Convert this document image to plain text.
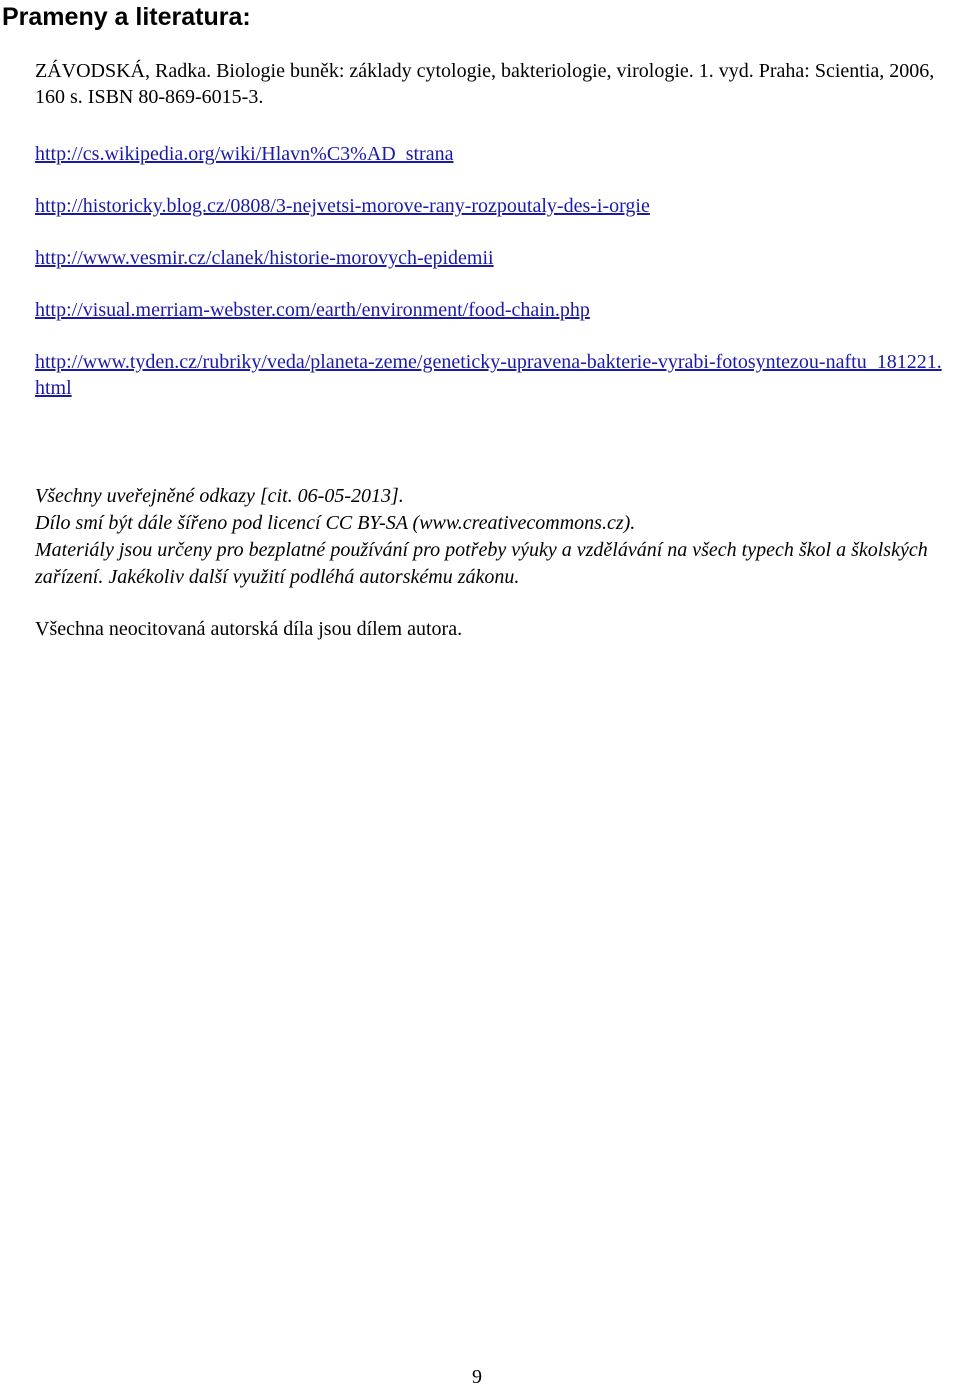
Prameny a literatura:

ZÁVODSKÁ, Radka. Biologie buněk: základy cytologie, bakteriologie, virologie. 1. vyd. Praha: Scientia, 2006, 160 s. ISBN 80-869-6015-3.

http://cs.wikipedia.org/wiki/Hlavn%C3%AD_strana
http://historicky.blog.cz/0808/3-nejvetsi-morove-rany-rozpoutaly-des-i-orgie
http://www.vesmir.cz/clanek/historie-morovych-epidemii
http://visual.merriam-webster.com/earth/environment/food-chain.php
http://www.tyden.cz/rubriky/veda/planeta-zeme/geneticky-upravena-bakterie-vyrabi-fotosyntezou-naftu_181221.html

Všechny uveřejněné odkazy [cit. 06-05-2013].

Dílo smí být dále šířeno pod licencí CC BY-SA (www.creativecommons.cz).

Materiály jsou určeny pro bezplatné používání pro potřeby výuky a vzdělávání na všech typech škol a školských zařízení. Jakékoliv další využití podléhá autorskému zákonu.

Všechna neocitovaná autorská díla jsou dílem autora.

9
